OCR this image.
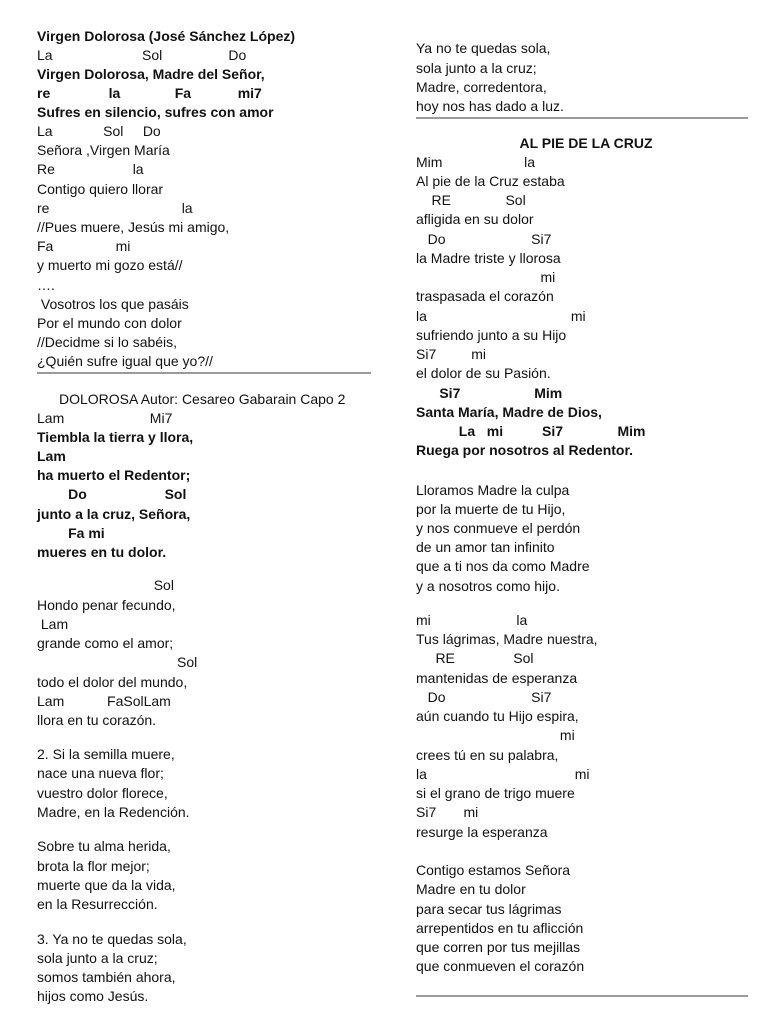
Virgen Dolorosa (José Sánchez López)
La                       Sol                 Do
Virgen Dolorosa, Madre del Señor,
re               la              Fa            mi7
Sufres en silencio, sufres con amor
La             Sol     Do
Señora ,Virgen María
Re                    la
Contigo quiero llorar
re                                  la
//Pues muere, Jesús mi amigo,
Fa                mi
y muerto mi gozo está//
….
Vosotros los que pasáis
Por el mundo con dolor
//Decidme si lo sabéis,
¿Quién sufre igual que yo?//
DOLOROSA Autor: Cesareo Gabarain Capo 2
Lam                      Mi7
Tiembla la tierra y llora,
Lam
ha muerto el Redentor;
Do                    Sol
junto a la cruz, Señora,
Fa mi
mueres en tu dolor.
Sol
Hondo penar fecundo,
Lam
grande como el amor;
Sol
todo el dolor del mundo,
Lam           FaSolLam
llora en tu corazón.
2. Si la semilla muere,
nace una nueva flor;
vuestro dolor florece,
Madre, en la Redención.
Sobre tu alma herida,
brota la flor mejor;
muerte que da la vida,
en la Resurrección.
3. Ya no te quedas sola,
sola junto a la cruz;
somos también ahora,
hijos como Jesús.
Ya no te quedas sola,
sola junto a la cruz;
Madre, corredentora,
hoy nos has dado a luz.
AL PIE DE LA CRUZ
Mim                     la
Al pie de la Cruz estaba
RE              Sol
afligida en su dolor
Do                      Si7
la Madre triste y llorosa
mi
traspasada el corazón
la                                     mi
sufriendo junto a su Hijo
Si7         mi
el dolor de su Pasión.
Si7                   Mim
Santa María, Madre de Dios,
La   mi          Si7              Mim
Ruega por nosotros al Redentor.
Lloramos Madre la culpa
por la muerte de tu Hijo,
y nos conmueve el perdón
de un amor tan infinito
que a ti nos da como Madre
y a nosotros como hijo.
mi                      la
Tus lágrimas, Madre nuestra,
RE               Sol
mantenidas de esperanza
Do                      Si7
aún cuando tu Hijo espira,
mi
crees tú en su palabra,
la                                      mi
si el grano de trigo muere
Si7       mi
resurge la esperanza
Contigo estamos Señora
Madre en tu dolor
para secar tus lágrimas
arrepentidos en tu aflicción
que corren por tus mejillas
que conmueven el corazón
